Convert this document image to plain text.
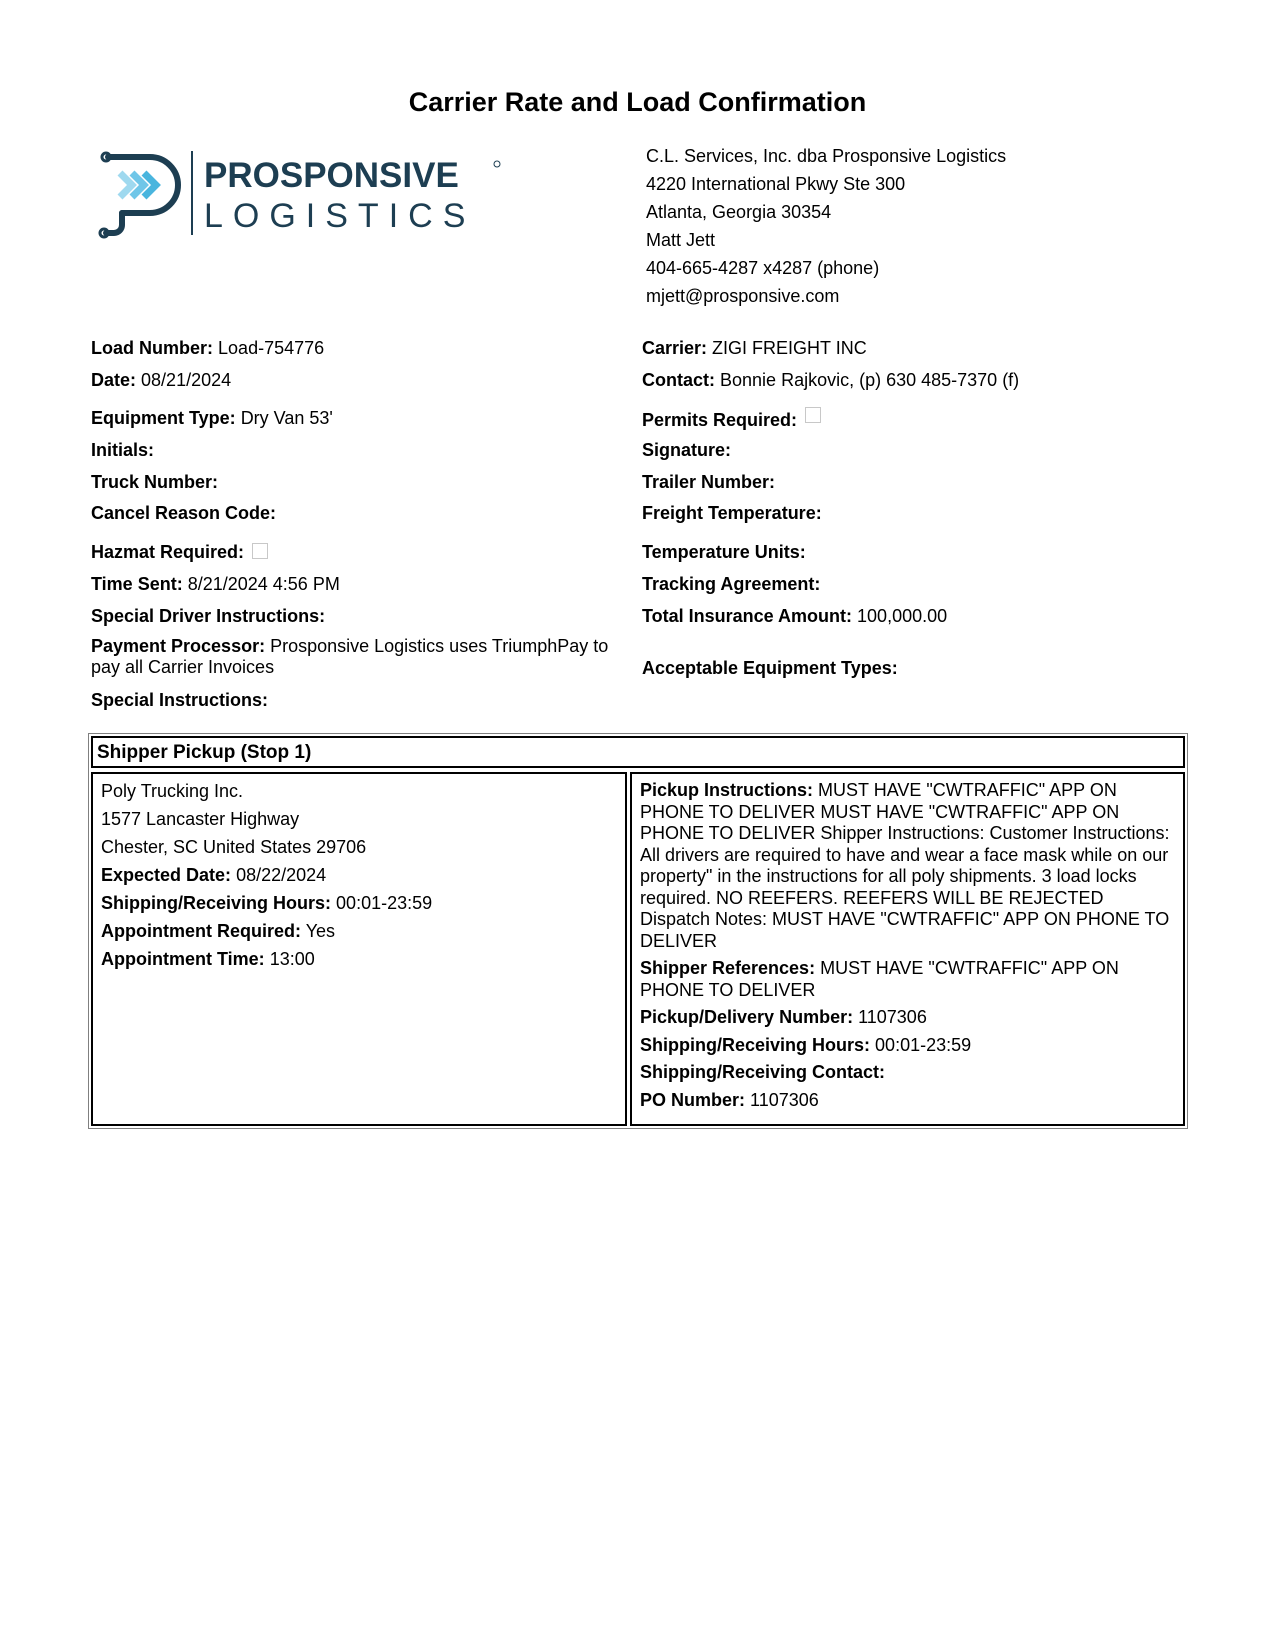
Carrier Rate and Load Confirmation
PROSPONSIVE
LOGISTICS
C.L. Services, Inc. dba Prosponsive Logistics
4220 International Pkwy Ste 300
Atlanta, Georgia 30354
Matt Jett
404-665-4287 x4287 (phone)
mjett@prosponsive.com
Load Number: Load-754776
Date: 08/21/2024
Equipment Type: Dry Van 53'
Initials:
Truck Number:
Cancel Reason Code:
Hazmat Required:
Time Sent: 8/21/2024 4:56 PM
Special Driver Instructions:
Payment Processor: Prosponsive Logistics uses TriumphPay to pay all Carrier Invoices
Special Instructions:
Carrier: ZIGI FREIGHT INC
Contact: Bonnie Rajkovic, (p) 630 485-7370 (f)
Permits Required:
Signature:
Trailer Number:
Freight Temperature:
Temperature Units:
Tracking Agreement:
Total Insurance Amount: 100,000.00
Acceptable Equipment Types:
Shipper Pickup (Stop 1)
Poly Trucking Inc.
1577 Lancaster Highway
Chester, SC United States 29706
Expected Date: 08/22/2024
Shipping/Receiving Hours: 00:01-23:59
Appointment Required: Yes
Appointment Time: 13:00
Pickup Instructions: MUST HAVE "CWTRAFFIC" APP ON PHONE TO DELIVER MUST HAVE "CWTRAFFIC" APP ON PHONE TO DELIVER Shipper Instructions: Customer Instructions: All drivers are required to have and wear a face mask while on our property" in the instructions for all poly shipments. 3 load locks required. NO REEFERS. REEFERS WILL BE REJECTED Dispatch Notes: MUST HAVE "CWTRAFFIC" APP ON PHONE TO DELIVER
Shipper References: MUST HAVE "CWTRAFFIC" APP ON PHONE TO DELIVER
Pickup/Delivery Number: 1107306
Shipping/Receiving Hours: 00:01-23:59
Shipping/Receiving Contact:
PO Number: 1107306
